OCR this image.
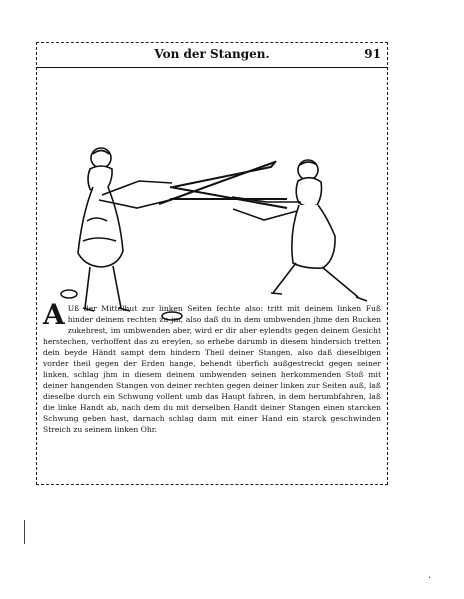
Von der Stangen.	91
A Uß der Mittelhut zur linken Seiten fechte also: tritt mit deinem linken Fuß hinder deinem rechten zu jm, also daß du in dem umbwenden jhme den Rucken zukehrest, im umbwenden aber, wird er dir aber eylendts gegen deinem Gesicht herstechen, verhoffent das zu ereylen, so erhebe darumb in diesem hindersich tretten dein beyde Händt sampt dem hindern Theil deiner Stangen, also daß dieselbigen vorder theil gegen der Erden hange, behendt überfich außgestreckt gegen seiner linken, schlag jhm in diesem deinem umbwenden seinen herkommenden Stoß mit deiner hangenden Stangen von deiner rechten gegen deiner linken zur Seiten auß, laß dieselbe durch ein Schwung vollent umb das Haupt fahren, in dem herumbfahren, laß die linke Handt ab, nach dem du mit derselben Handt deiner Stangen einen starcken Schwung geben hast, darnach schlag dann mit einer Hand ein starck geschwinden Streich zu seinem linken Ohr.
·
